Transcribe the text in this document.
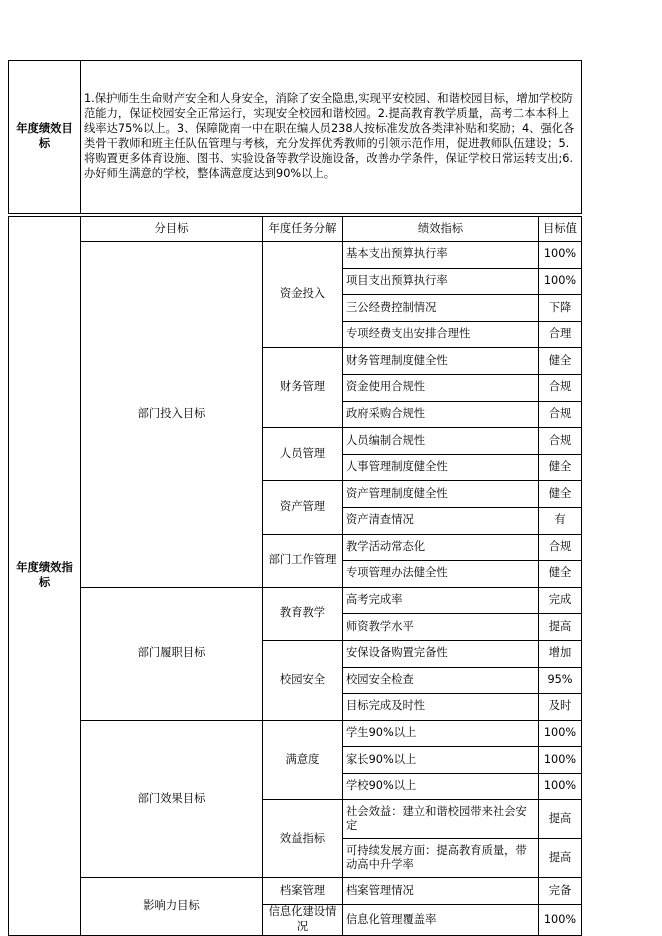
年度绩效目标	1.保护师生生命财产安全和人身安全，消除了安全隐患,实现平安校园、和谐校园目标，增加学校防范能力，保证校园安全正常运行，实现安全校园和谐校园。2.提高教育教学质量，高考二本本科上线率达75%以上。3、保障陇南一中在职在编人员238人按标准发放各类津补贴和奖励；4、强化各类骨干教师和班主任队伍管理与考核，充分发挥优秀教师的引领示范作用，促进教师队伍建设；5.将购置更多体育设施、图书、实验设备等教学设施设备，改善办学条件，保证学校日常运转支出;6.办好师生满意的学校，整体满意度达到90%以上。
年度绩效指标	分目标	年度任务分解	绩效指标	目标值
	部门投入目标	资金投入	基本支出预算执行率	100%
			项目支出预算执行率	100%
			三公经费控制情况	下降
			专项经费支出安排合理性	合理
		财务管理	财务管理制度健全性	健全
			资金使用合规性	合规
			政府采购合规性	合规
		人员管理	人员编制合规性	合规
			人事管理制度健全性	健全
		资产管理	资产管理制度健全性	健全
			资产清查情况	有
		部门工作管理	教学活动常态化	合规
			专项管理办法健全性	健全
	部门履职目标	教育教学	高考完成率	完成
			师资教学水平	提高
		校园安全	安保设备购置完备性	增加
			校园安全检查	95%
			目标完成及时性	及时
	部门效果目标	满意度	学生90%以上	100%
			家长90%以上	100%
			学校90%以上	100%
		效益指标	社会效益：建立和谐校园带来社会安定	提高
			可持续发展方面：提高教育质量，带动高中升学率	提高
	影响力目标	档案管理	档案管理情况	完备
		信息化建设情况	信息化管理覆盖率	100%
